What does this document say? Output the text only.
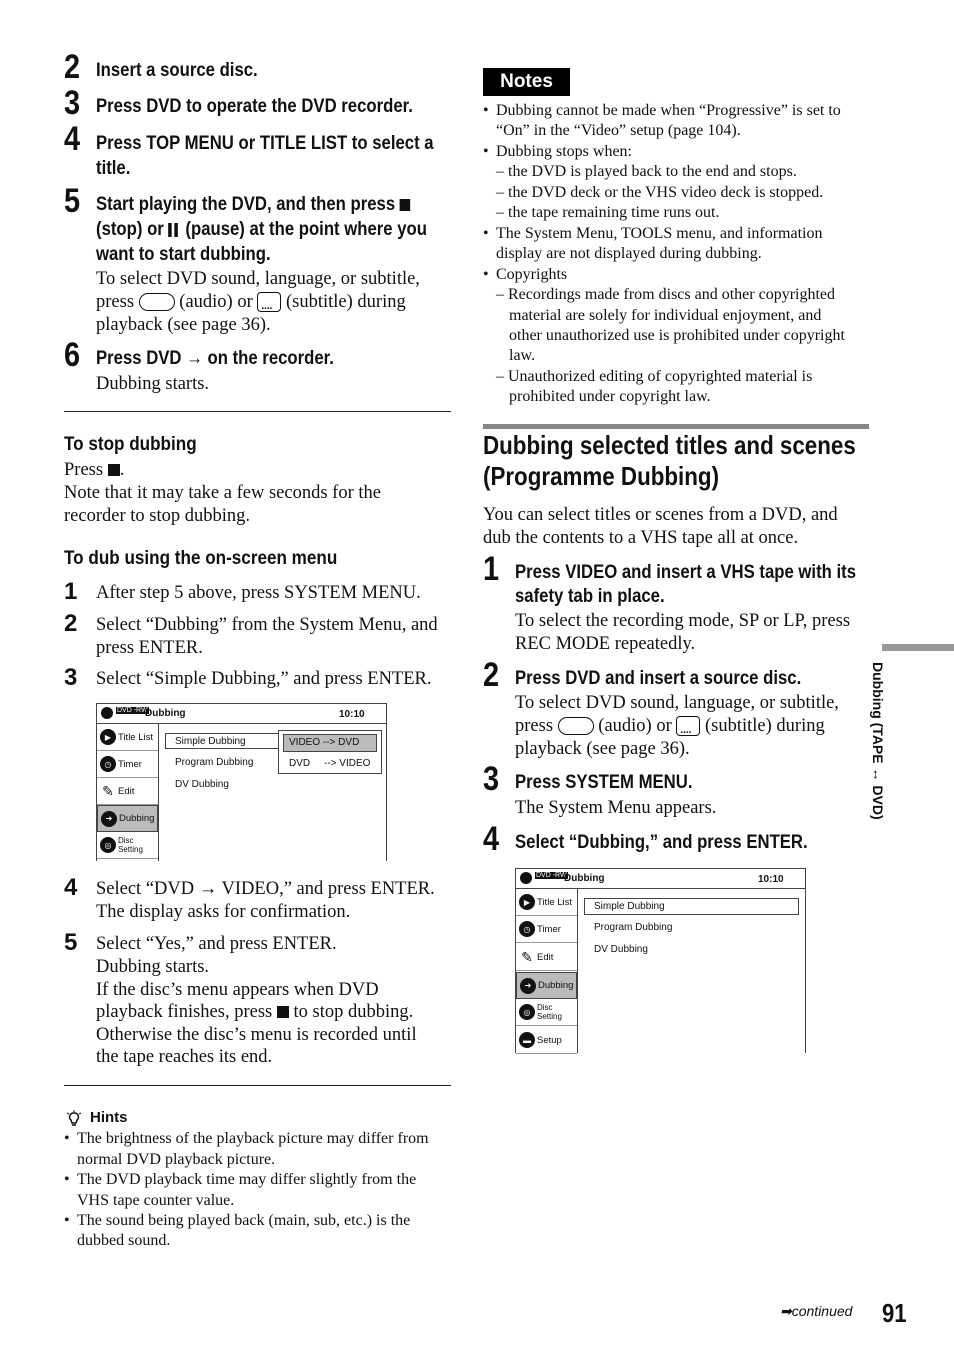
2 Insert a source disc.
3 Press DVD to operate the DVD recorder.
4 Press TOP MENU or TITLE LIST to select a
title.
5 Start playing the DVD, and then press
(stop) or (pause) at the point where you
want to start dubbing.
To select DVD sound, language, or subtitle,
press (audio) or .... (subtitle) during
playback (see page 36).
6 Press DVD → on the recorder.
Dubbing starts.
To stop dubbing
Press .
Note that it may take a few seconds for the
recorder to stop dubbing.
To dub using the on-screen menu
1 After step 5 above, press SYSTEM MENU.
2 Select “Dubbing” from the System Menu, and
press ENTER.
3 Select “Simple Dubbing,” and press ENTER.
DVD -RW
Dubbing	10:10
▶ Title List
◷ Timer
✎ Edit
➜ Dubbing
◎ Disc Setting
Simple Dubbing
Program Dubbing
DV Dubbing
VIDEO --> DVD
DVD     --> VIDEO
4 Select “DVD → VIDEO,” and press ENTER.
The display asks for confirmation.
5 Select “Yes,” and press ENTER.
Dubbing starts.
If the disc’s menu appears when DVD
playback finishes, press to stop dubbing.
Otherwise the disc’s menu is recorded until
the tape reaches its end.
Hints
• The brightness of the playback picture may differ from
normal DVD playback picture.
• The DVD playback time may differ slightly from the
VHS tape counter value.
• The sound being played back (main, sub, etc.) is the
dubbed sound.
Notes
• Dubbing cannot be made when “Progressive” is set to
“On” in the “Video” setup (page 104).
• Dubbing stops when:
– the DVD is played back to the end and stops.
– the DVD deck or the VHS video deck is stopped.
– the tape remaining time runs out.
• The System Menu, TOOLS menu, and information
display are not displayed during dubbing.
• Copyrights
– Recordings made from discs and other copyrighted
material are solely for individual enjoyment, and
other unauthorized use is prohibited under copyright
law.
– Unauthorized editing of copyrighted material is
prohibited under copyright law.
Dubbing selected titles and scenes
(Programme Dubbing)
You can select titles or scenes from a DVD, and
dub the contents to a VHS tape all at once.
1 Press VIDEO and insert a VHS tape with its
safety tab in place.
To select the recording mode, SP or LP, press
REC MODE repeatedly.
2 Press DVD and insert a source disc.
To select DVD sound, language, or subtitle,
press (audio) or .... (subtitle) during
playback (see page 36).
3 Press SYSTEM MENU.
The System Menu appears.
4 Select “Dubbing,” and press ENTER.
DVD -RW
Dubbing	10:10
▶ Title List
◷ Timer
✎ Edit
➜ Dubbing
◎ Disc Setting
▬ Setup
Simple Dubbing
Program Dubbing
DV Dubbing
Dubbing (TAPE ↔ DVD)
➡continued 91
